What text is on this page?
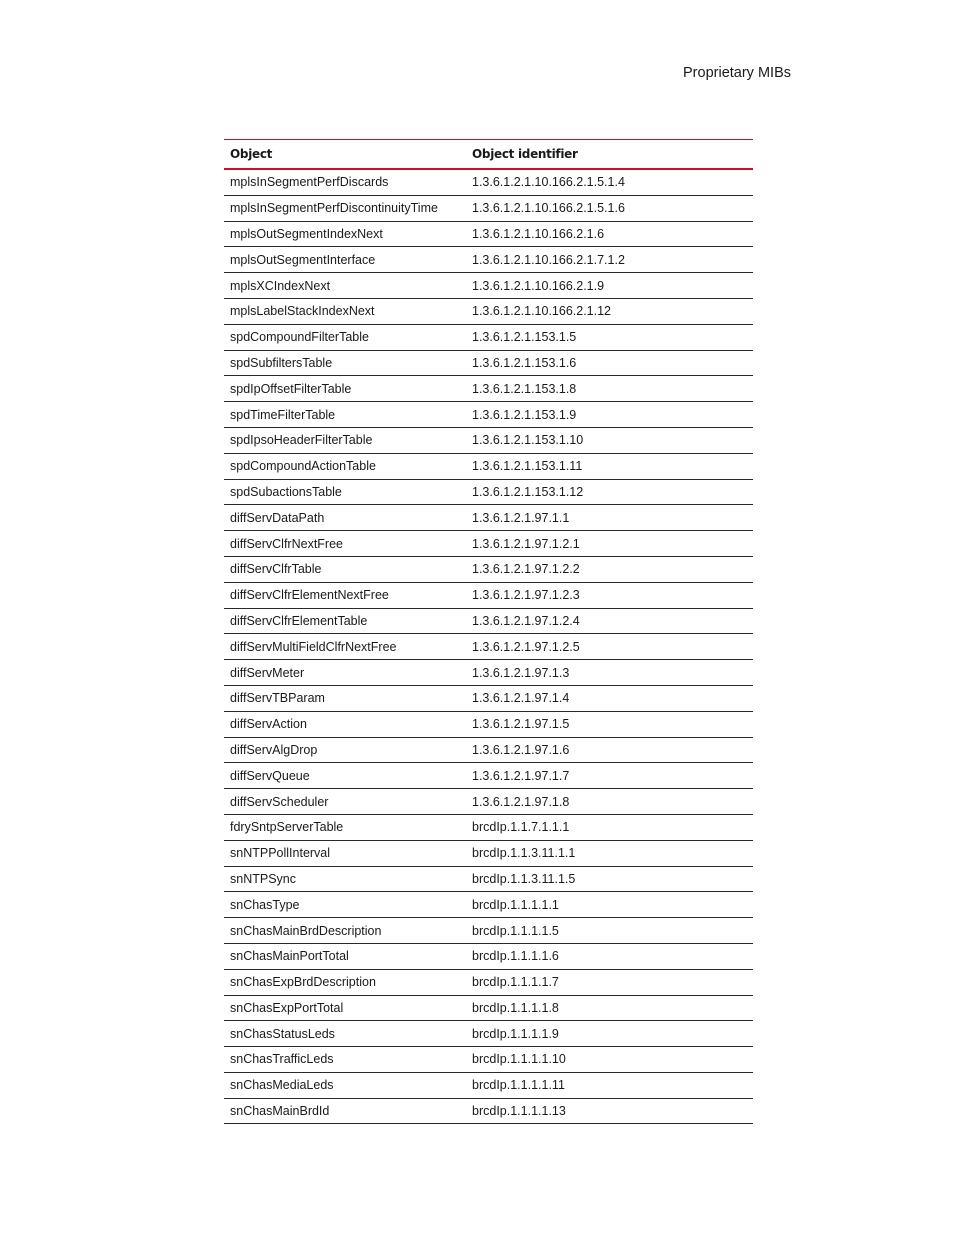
Proprietary MIBs
Object	Object identifier
mplsInSegmentPerfDiscards	1.3.6.1.2.1.10.166.2.1.5.1.4
mplsInSegmentPerfDiscontinuityTime	1.3.6.1.2.1.10.166.2.1.5.1.6
mplsOutSegmentIndexNext	1.3.6.1.2.1.10.166.2.1.6
mplsOutSegmentInterface	1.3.6.1.2.1.10.166.2.1.7.1.2
mplsXCIndexNext	1.3.6.1.2.1.10.166.2.1.9
mplsLabelStackIndexNext	1.3.6.1.2.1.10.166.2.1.12
spdCompoundFilterTable	1.3.6.1.2.1.153.1.5
spdSubfiltersTable	1.3.6.1.2.1.153.1.6
spdIpOffsetFilterTable	1.3.6.1.2.1.153.1.8
spdTimeFilterTable	1.3.6.1.2.1.153.1.9
spdIpsoHeaderFilterTable	1.3.6.1.2.1.153.1.10
spdCompoundActionTable	1.3.6.1.2.1.153.1.11
spdSubactionsTable	1.3.6.1.2.1.153.1.12
diffServDataPath	1.3.6.1.2.1.97.1.1
diffServClfrNextFree	1.3.6.1.2.1.97.1.2.1
diffServClfrTable	1.3.6.1.2.1.97.1.2.2
diffServClfrElementNextFree	1.3.6.1.2.1.97.1.2.3
diffServClfrElementTable	1.3.6.1.2.1.97.1.2.4
diffServMultiFieldClfrNextFree	1.3.6.1.2.1.97.1.2.5
diffServMeter	1.3.6.1.2.1.97.1.3
diffServTBParam	1.3.6.1.2.1.97.1.4
diffServAction	1.3.6.1.2.1.97.1.5
diffServAlgDrop	1.3.6.1.2.1.97.1.6
diffServQueue	1.3.6.1.2.1.97.1.7
diffServScheduler	1.3.6.1.2.1.97.1.8
fdrySntpServerTable	brcdIp.1.1.7.1.1.1
snNTPPollInterval	brcdIp.1.1.3.11.1.1
snNTPSync	brcdIp.1.1.3.11.1.5
snChasType	brcdIp.1.1.1.1.1
snChasMainBrdDescription	brcdIp.1.1.1.1.5
snChasMainPortTotal	brcdIp.1.1.1.1.6
snChasExpBrdDescription	brcdIp.1.1.1.1.7
snChasExpPortTotal	brcdIp.1.1.1.1.8
snChasStatusLeds	brcdIp.1.1.1.1.9
snChasTrafficLeds	brcdIp.1.1.1.1.10
snChasMediaLeds	brcdIp.1.1.1.1.11
snChasMainBrdId	brcdIp.1.1.1.1.13
